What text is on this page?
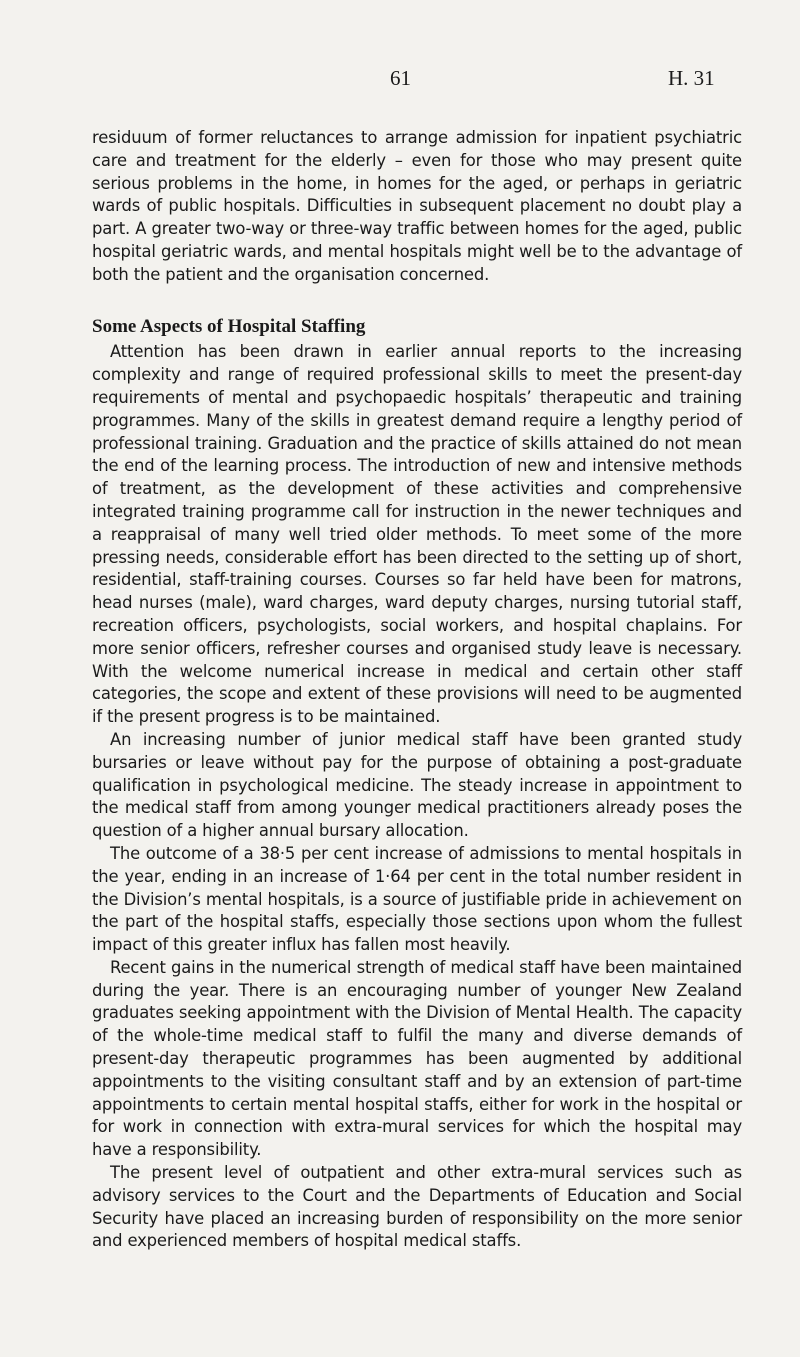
61	H. 31

residuum of former reluctances to arrange admission for inpatient psychiatric care and treatment for the elderly – even for those who may present quite serious problems in the home, in homes for the aged, or perhaps in geriatric wards of public hospitals. Difficulties in subsequent placement no doubt play a part. A greater two-way or three-way traffic between homes for the aged, public hospital geriatric wards, and mental hospitals might well be to the advantage of both the patient and the organisation concerned.

Some Aspects of Hospital Staffing

Attention has been drawn in earlier annual reports to the increasing complexity and range of required professional skills to meet the present-day requirements of mental and psychopaedic hospitals’ therapeutic and training programmes. Many of the skills in greatest demand require a lengthy period of professional training. Graduation and the practice of skills attained do not mean the end of the learning process. The introduction of new and intensive methods of treatment, as the development of these activities and comprehensive integrated training programme call for instruction in the newer techniques and a reappraisal of many well tried older methods. To meet some of the more pressing needs, considerable effort has been directed to the setting up of short, residential, staff-training courses. Courses so far held have been for matrons, head nurses (male), ward charges, ward deputy charges, nursing tutorial staff, recreation officers, psychologists, social workers, and hospital chaplains. For more senior officers, refresher courses and organised study leave is necessary. With the welcome numerical increase in medical and certain other staff categories, the scope and extent of these provisions will need to be augmented if the present progress is to be maintained.

An increasing number of junior medical staff have been granted study bursaries or leave without pay for the purpose of obtaining a post-graduate qualification in psychological medicine. The steady increase in appointment to the medical staff from among younger medical practitioners already poses the question of a higher annual bursary allocation.

The outcome of a 38·5 per cent increase of admissions to mental hospitals in the year, ending in an increase of 1·64 per cent in the total number resident in the Division’s mental hospitals, is a source of justifiable pride in achievement on the part of the hospital staffs, especially those sections upon whom the fullest impact of this greater influx has fallen most heavily.

Recent gains in the numerical strength of medical staff have been maintained during the year. There is an encouraging number of younger New Zealand graduates seeking appointment with the Division of Mental Health. The capacity of the whole-time medical staff to fulfil the many and diverse demands of present-day therapeutic programmes has been augmented by additional appointments to the visiting consultant staff and by an extension of part-time appointments to certain mental hospital staffs, either for work in the hospital or for work in connection with extra-mural services for which the hospital may have a responsibility.

The present level of outpatient and other extra-mural services such as advisory services to the Court and the Departments of Education and Social Security have placed an increasing burden of responsibility on the more senior and experienced members of hospital medical staffs.
